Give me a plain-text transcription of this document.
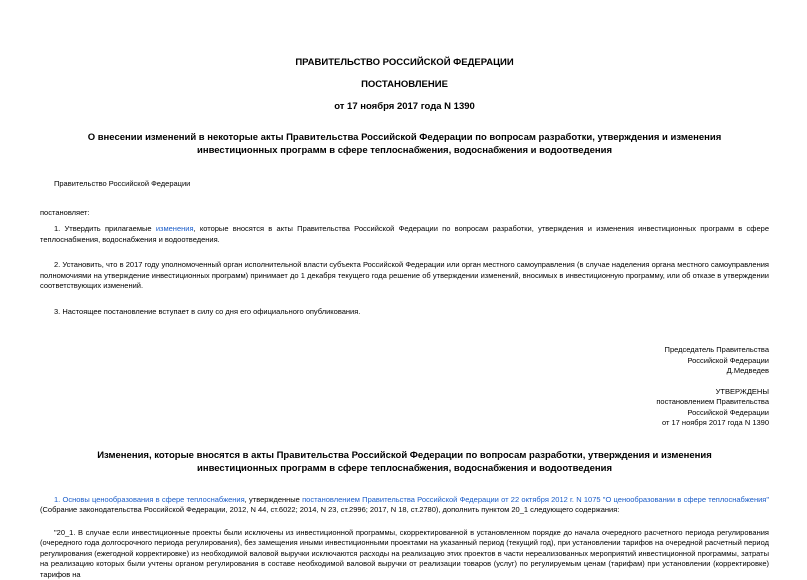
ПРАВИТЕЛЬСТВО РОССИЙСКОЙ ФЕДЕРАЦИИ
ПОСТАНОВЛЕНИЕ
от 17 ноября 2017 года N 1390
О внесении изменений в некоторые акты Правительства Российской Федерации по вопросам разработки, утверждения и изменения инвестиционных программ в сфере теплоснабжения, водоснабжения и водоотведения

Правительство Российской Федерации

постановляет:

1. Утвердить прилагаемые изменения, которые вносятся в акты Правительства Российской Федерации по вопросам разработки, утверждения и изменения инвестиционных программ в сфере теплоснабжения, водоснабжения и водоотведения.

2. Установить, что в 2017 году уполномоченный орган исполнительной власти субъекта Российской Федерации или орган местного самоуправления (в случае наделения органа местного самоуправления полномочиями на утверждение инвестиционных программ) принимает до 1 декабря текущего года решение об утверждении изменений, вносимых в инвестиционную программу, или об отказе в утверждении соответствующих изменений.

3. Настоящее постановление вступает в силу со дня его официального опубликования.

Председатель Правительства

Российской Федерации

Д.Медведев

УТВЕРЖДЕНЫ

постановлением Правительства

Российской Федерации

от 17 ноября 2017 года N 1390

Изменения, которые вносятся в акты Правительства Российской Федерации по вопросам разработки, утверждения и изменения инвестиционных программ в сфере теплоснабжения, водоснабжения и водоотведения

1. Основы ценообразования в сфере теплоснабжения, утвержденные постановлением Правительства Российской Федерации от 22 октября 2012 г. N 1075 "О ценообразовании в сфере теплоснабжения" (Собрание законодательства Российской Федерации, 2012, N 44, ст.6022; 2014, N 23, ст.2996; 2017, N 18, ст.2780), дополнить пунктом 20_1 следующего содержания:

"20_1. В случае если инвестиционные проекты были исключены из инвестиционной программы, скорректированной в установленном порядке до начала очередного расчетного периода регулирования (очередного года долгосрочного периода регулирования), без замещения иными инвестиционными проектами на указанный период (текущий год), при установлении тарифов на очередной расчетный период регулирования (ежегодной корректировке) из необходимой валовой выручки исключаются расходы на реализацию этих проектов в части нереализованных мероприятий инвестиционной программы, затраты на реализацию которых были учтены органом регулирования в составе необходимой валовой выручки от реализации товаров (услуг) по регулируемым ценам (тарифам) при установлении (корректировке) тарифов на
